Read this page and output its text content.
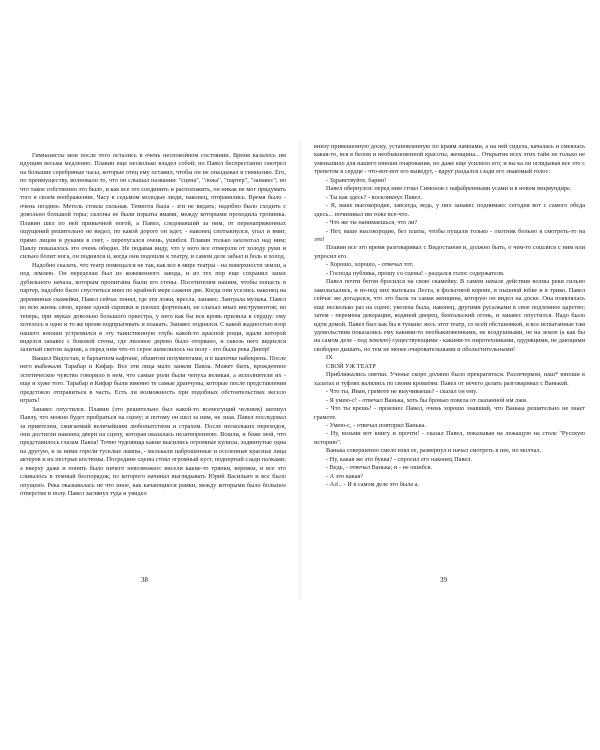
Гимназисты мои после того остались в очень неспокойном состоянии. Время казалось им идущим весьма медленно. Плавин еще несколько владел собой; но Павел беспрестанно смотрел на большие серебряные часы, которые отец ему оставил, чтобы он не опаздывал в гимназию. Его, по преимуществу, волновало то, что он слышал названия: "сцена", "ложа", "партер", "занавес"; но что такое собственно это было, и как все это соединить и расположить, он никак не мог придумать того в своем воображении. Часу в седьмом молодые люди, наконец, отправились. Время было - очень позднее. Метель стояла сильная. Темнота была - зги не видать; надобно было сходить с довольно большой горы; склоны ее были изрыты ямами, между которыми проходила тропинка. Плавин шел по ней привычной ногой, а Павел, следовавший за ним, от перенапряженных ощущений решительно не видел, по какой дороге он идет, - наконец спотыкнулся, упал и вмиг, прямо лицом и руками в снег, - перепугался очень, ушибся. Плавин только захохотал над ним; Павлу показалось это очень обидно. Не подавая виду, что у него все отмерзли от холоду руки и сильно болит нога, он поднялся и, когда они подошли к театру, и самом деле забыл и боль и холод.

Надобно сказать, что театр помещался не так, как все в мире театры - на поверхности земли, а под землею. Он переделан был из кожевенного завода, и из тех пор еще сохранил запах дубильного начала, которым пропитаны были его стены. Посетителям нашим, чтобы попасть в партер, надобно было спуститься вниз по крайней мере саженя две. Когда они уселись наконец на деревянные скамейки, Павел сейчас понял, где эти ложи, кресла, занавес. Заиграла музыка. Павел во всю жизнь свою, кроме одной скрипки и плохих фортепьян, не слыхал иных инструментов; но теперь, при звуках довольно большого оркестра, у него как бы вся кровь прилила к сердцу: ему хотелось в одно и то же время подпрыгивать и плакать. Занавес поднялся. С какой жадностью взор нашего юноши устремился в эту таинственную глубь какой-то красной рощи, вдали которой виделся занавес с боковой стены, где лиловое дерево было оторвано, и сквозь него виднелся залитый светом задник, а перед ним что-то серое шевелилось на полу - это была река Днепр!

Вышел Видостан, в бархатном кафтане, обшитом позументами, и в шапочке набекрень. После него выбежали Тарабар и Кифар. Все эти лица мало заняли Павла. Может быть, врожденное эстетическое чувство говорило в нем, что самые роли были чепуха великая, а исполнители их - еще и хуже того. Тарабар и Кифар были именно те самые дранчуны, которые после представления предстояло отправиться в часть. Есть ли возможность при подобных обстоятельствах весело играть!

Занавес опустился. Плавин (это решительно был какой-то всемогущий человек) шепнул Павлу, что можно будет пробраться на сцену; и потому он шел за ним, не зная. Павел последовал за приятелем, сжигаемый величайшим любопытством и страхом. После нескольких переходов, они достигли наконец двери на сцену, которая оказалась незатворенною. Вошли, и боже мой, что представилось глазам Павла! Точно чудовища какие высились огромные кулисы, задвинутые одна на другую, и за ними горели тусклые лампы, - мелькали наброшенные и оселенные красные лица актеров и их пестрые костюмы. Посредине сцены стоял огромный куст, подпертый сзади палками; а вверху даже и понять было ничего невозможно: висели какие-то тряпки, веревки, и все это сливалось в темный беспорядок, из которого начинал выглядывать Юрий Васильич и все было опущено. Река оказывалась не что иное, как качающиеся рамки, между которыми было большое отверстие в полу. Павел заглянул туда и увидел

38

внизу привешенную доску, установленную по краям лампами, а на ней сидела, качалась и смеялась какая-то, вся в белом и необыкновенной красоты, женщина... Открытие всех этих тайн не только не уменьшило для нашего юноши очарования, но даже еще усилило его; и вы ка он оглядывая все это с трепетом в сердце - что-вот-вот его выведут, - вдруг раздался сзади его знакомый голос:

- Здравствуйте, барин!

Павел обернулся: перед ним стоял Симонов с нафабренными усами и в новом вицмундире.

- Ты как здесь? - воскликнул Павел.

- Я, ваше высокородие, завсегда, ведь, у них занавес поднимаю: сегодня вот с самого обеда здесь... починивал им тоже все-что.

- Что же ты нанимаешься, что ли?

- Нет, ваше высокородие, без платы, чтобы пущали только - охотник больно я смотреть-то на это!

Плавин все это время разговаривал с Видостаном и, должно быть, о чем-то сошлися с ним или упросил его.

- Хорошо, хорошо, - отвечал тот.

- Господа публика, прошу со сцены! - раздался голос содержателя.

Павел почти бегом бросился на свою скамейку. В самом начале действия волны реки сильно заколыхались, и из-под них выплыла Леста, в фольговой короне, в пышной юбке и в трико. Павел сейчас же догадался, что это была та самая женщина, которую он видел на доске. Она появлялась еще несколько раз на сцене; увезена была, наконец, другими русалками в свое подземное царство; затем - перемена декорации, водяной дворец, бенгальский огонь, и занавес опустился. Надо было идти домой. Павел был как бы в тумане: весь этот театр, со всей обстановкой, и все испытанные там удовольствия показались ему какими-то необыкновенными, не воздушными, не на земле (а как бы на самом деле - под землею) существующими - какими-то пиротехниками, одурящими, не дающими свободно дышать, но тем не менее очаровательными и обольстительными!

IX

СВОЙ УЖ ТЕАТР

Приближались святки. Ученье скоро должно было прекратиться. Разлечерком, наш* юноши в халатах и туфлях валялись по своим кроватям. Павел от нечего делать разговаривал с Ванькой.

- Что ты, Иван, грамоте не выучиваешь? - сказал он ему.

- Я умею-с! - отвечал Ванька, хоть бы бровью повела от сказанной им лжи.

- Что ты врешь! - произнес Павел, очень хорошо знавший, что Ванька решительно не знает грамоте.

- Умею-с, - отвечал повторил Ванька.

- Ну, возьми вот книгу и прочти! - сказал Павел, показывая на лежащую на столе "Русскую историю".

Ванька совершенно смело взял ее, развернул и начал смотреть в нее, но молчал.

- Ну, какая же это буква? - спросил его наконец Павел.

- Ведь, - отвечал Ванька; и - не ошибся.

- А это какая?

- Аз!.. - И в самом деле это была а.

39
